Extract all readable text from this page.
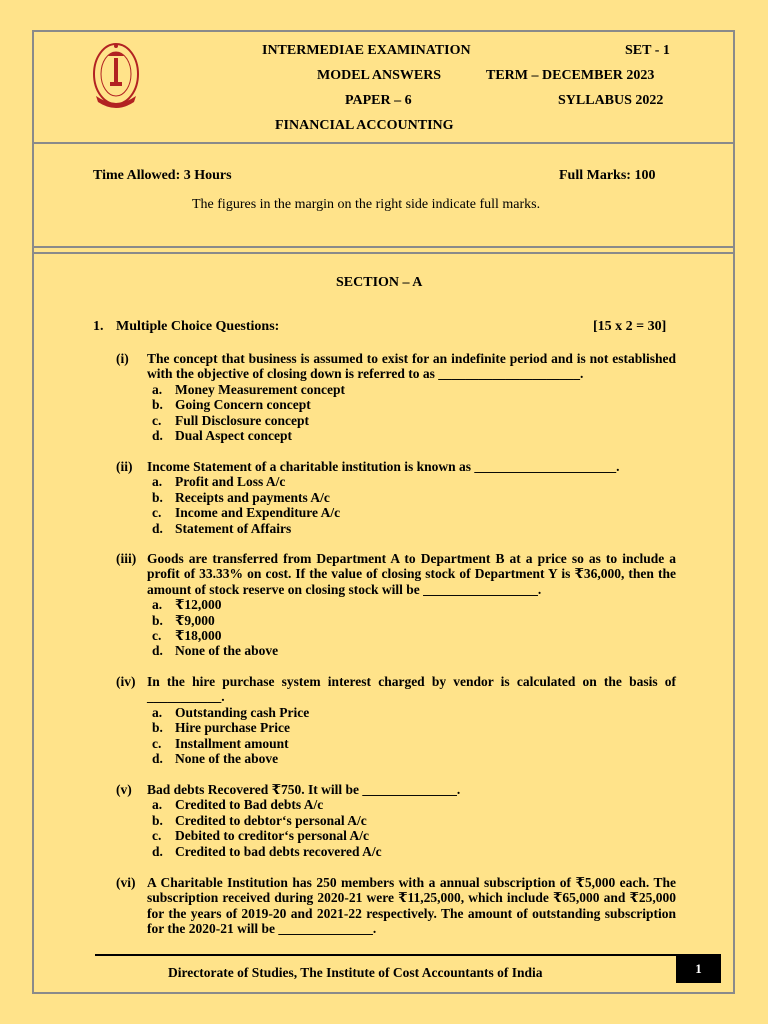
INTERMEDIAE EXAMINATION	SET - 1
MODEL ANSWERS	TERM – DECEMBER 2023
PAPER – 6	SYLLABUS 2022
FINANCIAL ACCOUNTING
Time Allowed: 3 Hours	Full Marks: 100
The figures in the margin on the right side indicate full marks.
SECTION – A
1. Multiple Choice Questions:	[15 x 2 = 30]
(i) The concept that business is assumed to exist for an indefinite period and is not established with the objective of closing down is referred to as _____________________.
a. Money Measurement concept
b. Going Concern concept
c.	Full Disclosure concept
d. Dual Aspect concept
(ii) Income Statement of a charitable institution is known as _____________________.
a. Profit and Loss A/c
b. Receipts and payments A/c
c.	Income and Expenditure A/c
d. Statement of Affairs
(iii) Goods are transferred from Department A to Department B at a price so as to include a profit of 33.33% on cost. If the value of closing stock of Department Y is ₹36,000, then the amount of stock reserve on closing stock will be _________________.
a. ₹12,000
b. ₹9,000
c.	₹18,000
d. None of the above
(iv) In the hire purchase system interest charged by vendor is calculated on the basis of ___________.
a. Outstanding cash Price
b. Hire purchase Price
c.	Installment amount
d. None of the above
(v) Bad debts Recovered ₹750. It will be ______________.
a. Credited to Bad debts A/c
b. Credited to debtor‘s personal A/c
c.	Debited to creditor‘s personal A/c
d. Credited to bad debts recovered A/c
(vi) A Charitable Institution has 250 members with a annual subscription of ₹5,000 each. The subscription received during 2020-21 were ₹11,25,000, which include ₹65,000 and ₹25,000 for the years of 2019-20 and 2021-22 respectively. The amount of outstanding subscription for the 2020-21 will be ______________.
Directorate of Studies, The Institute of Cost Accountants of India	1
